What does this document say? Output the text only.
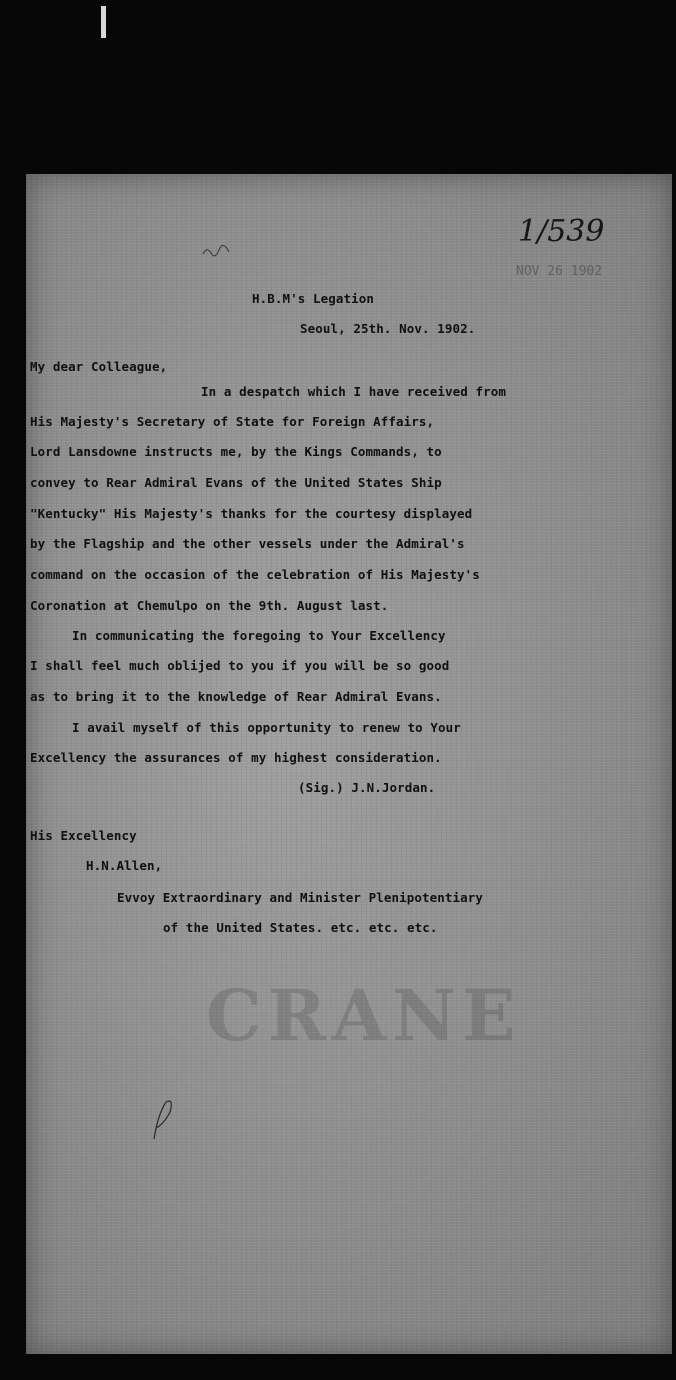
CRANE
1/539
NOV 26 1902
H.B.M's Legation
Seoul, 25th. Nov. 1902.
My dear Colleague,
In a despatch which I have received from
His Majesty's Secretary of State for Foreign Affairs,
Lord Lansdowne instructs me, by the Kings Commands, to
convey to Rear Admiral Evans of the United States Ship
"Kentucky" His Majesty's thanks for the courtesy displayed
by the Flagship and the other vessels under the Admiral's
command on the occasion of the celebration of His Majesty's
Coronation at Chemulpo on the 9th. August last.
In communicating the foregoing to Your Excellency
I shall feel much oblijed to you if you will be so good
as to bring it to the knowledge of Rear Admiral Evans.
I avail myself of this opportunity to renew to Your
Excellency the assurances of my highest consideration.
(Sig.) J.N.Jordan.
His Excellency
H.N.Allen,
Evvoy Extraordinary and Minister Plenipotentiary
of the United States. etc. etc. etc.
